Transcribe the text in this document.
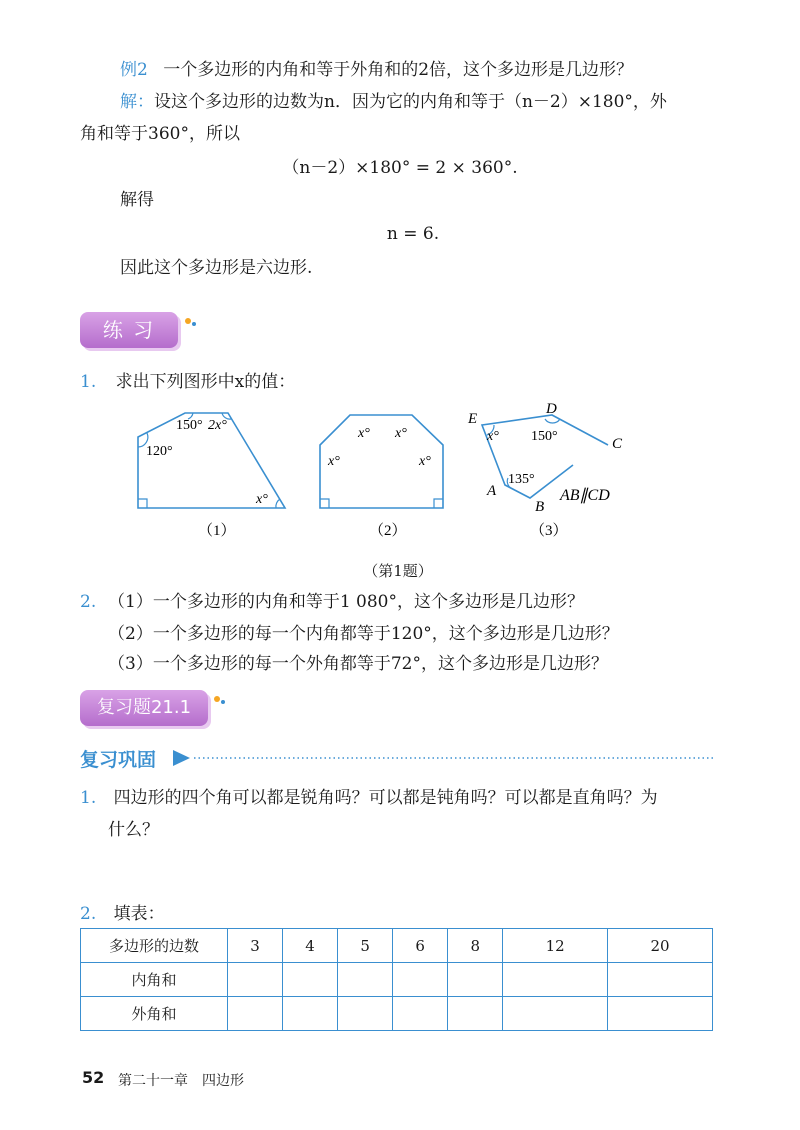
例2 一个多边形的内角和等于外角和的2倍，这个多边形是几边形？
解：设这个多边形的边数为n．因为它的内角和等于（n－2）×180°，外
角和等于360°，所以
（n－2）×180° = 2 × 360°.
解得
n = 6.
因此这个多边形是六边形.
练 习
1. 求出下列图形中x的值：
150° 2x°
120°
x°
x° x°
x°	x°
E
D
x° 150°	C
135°
A
B
AB∥CD
（1）	（2）	（3）
（第1题）
2. （1）一个多边形的内角和等于1 080°，这个多边形是几边形？
（2）一个多边形的每一个内角都等于120°，这个多边形是几边形？
（3）一个多边形的每一个外角都等于72°，这个多边形是几边形？
复习题21.1
复习巩固
1. 四边形的四个角可以都是锐角吗？可以都是钝角吗？可以都是直角吗？为
什么？
2. 填表：
多边形的边数	3	4	5	6	8	12	20
内角和							
外角和							
52 第二十一章　四边形
